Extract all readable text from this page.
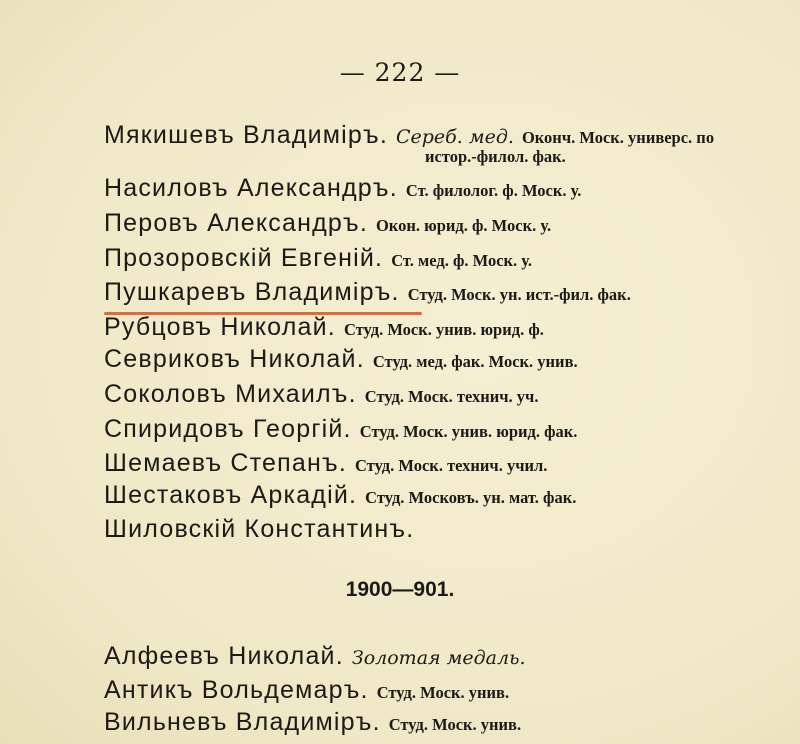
— 222 —
Мякишевъ Владиміръ. Сереб. мед. Оконч. Моск. универс. по
истор.-филол. фак.
Насиловъ Александръ. Ст. филолог. ф. Моск. у.
Перовъ Александръ. Окон. юрид. ф. Моск. у.
Прозоровскій Евгеній. Ст. мед. ф. Моск. у.
Пушкаревъ Владиміръ. Студ. Моск. ун. ист.-фил. фак.
Рубцовъ Николай. Студ. Моск. унив. юрид. ф.
Севриковъ Николай. Студ. мед. фак. Моск. унив.
Соколовъ Михаилъ. Студ. Моск. технич. уч.
Спиридовъ Георгій. Студ. Моск. унив. юрид. фак.
Шемаевъ Степанъ. Студ. Моск. технич. учил.
Шестаковъ Аркадій. Студ. Московъ. ун. мат. фак.
Шиловскій Константинъ.
1900—901.
Алфеевъ Николай. Золотая медаль.
Антикъ Вольдемаръ. Студ. Моск. унив.
Вильневъ Владиміръ. Студ. Моск. унив.
